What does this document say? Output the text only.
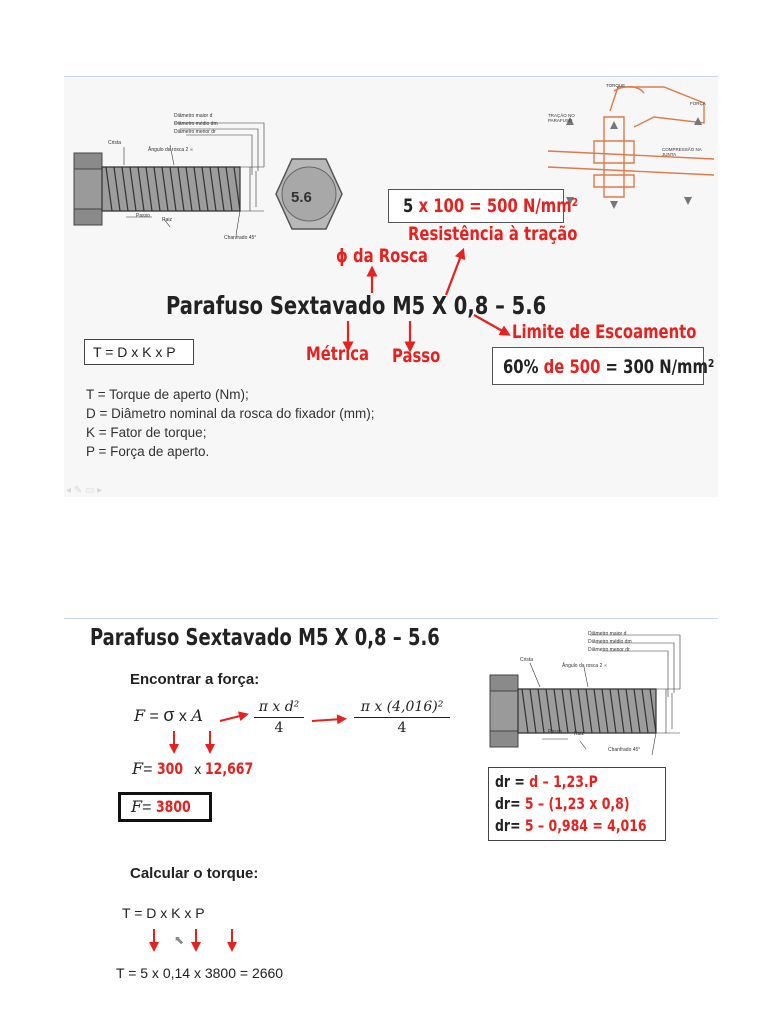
Diâmetro maior d
Diâmetro médio dm
Diâmetro menor dr
Crista
Ângulo da rosca 2 ∝
Passo
Raiz
Chanfrado 45°
5.6
TORQUE
TRAÇÃO NO PARAFUSO
FORÇA
COMPRESSÃO NA JUNTA
5 x 100 = 500 N/mm²
Resistência à tração
ϕ da Rosca
Parafuso Sextavado M5 X 0,8 – 5.6
Métrica Passo
Limite de Escoamento
60% de 500 = 300 N/mm²
T = D x K x P
T = Torque de aperto (Nm);
D = Diâmetro nominal da rosca do fixador (mm);
K = Fator de torque;
P = Força de aperto.
◂ ✎ ▭ ▸
Parafuso Sextavado M5 X 0,8 – 5.6
Encontrar a força:
F = σ x A	$\frac{\text{π x d²}}{4}$	$\frac{\text{π x (4,016)²}}{4}$
F= 300 x 12,667
F= 3800
Diâmetro maior d
Diâmetro médio dm
Diâmetro menor dr
Crista
Ângulo da rosca 2 ∝
Passo Raiz
Chanfrado 45°
dr = d – 1,23.P
dr= 5 – (1,23 x 0,8)
dr= 5 – 0,984 = 4,016
Calcular o torque:
T = D x K x P
⬉
T = 5 x 0,14 x 3800 = 2660
